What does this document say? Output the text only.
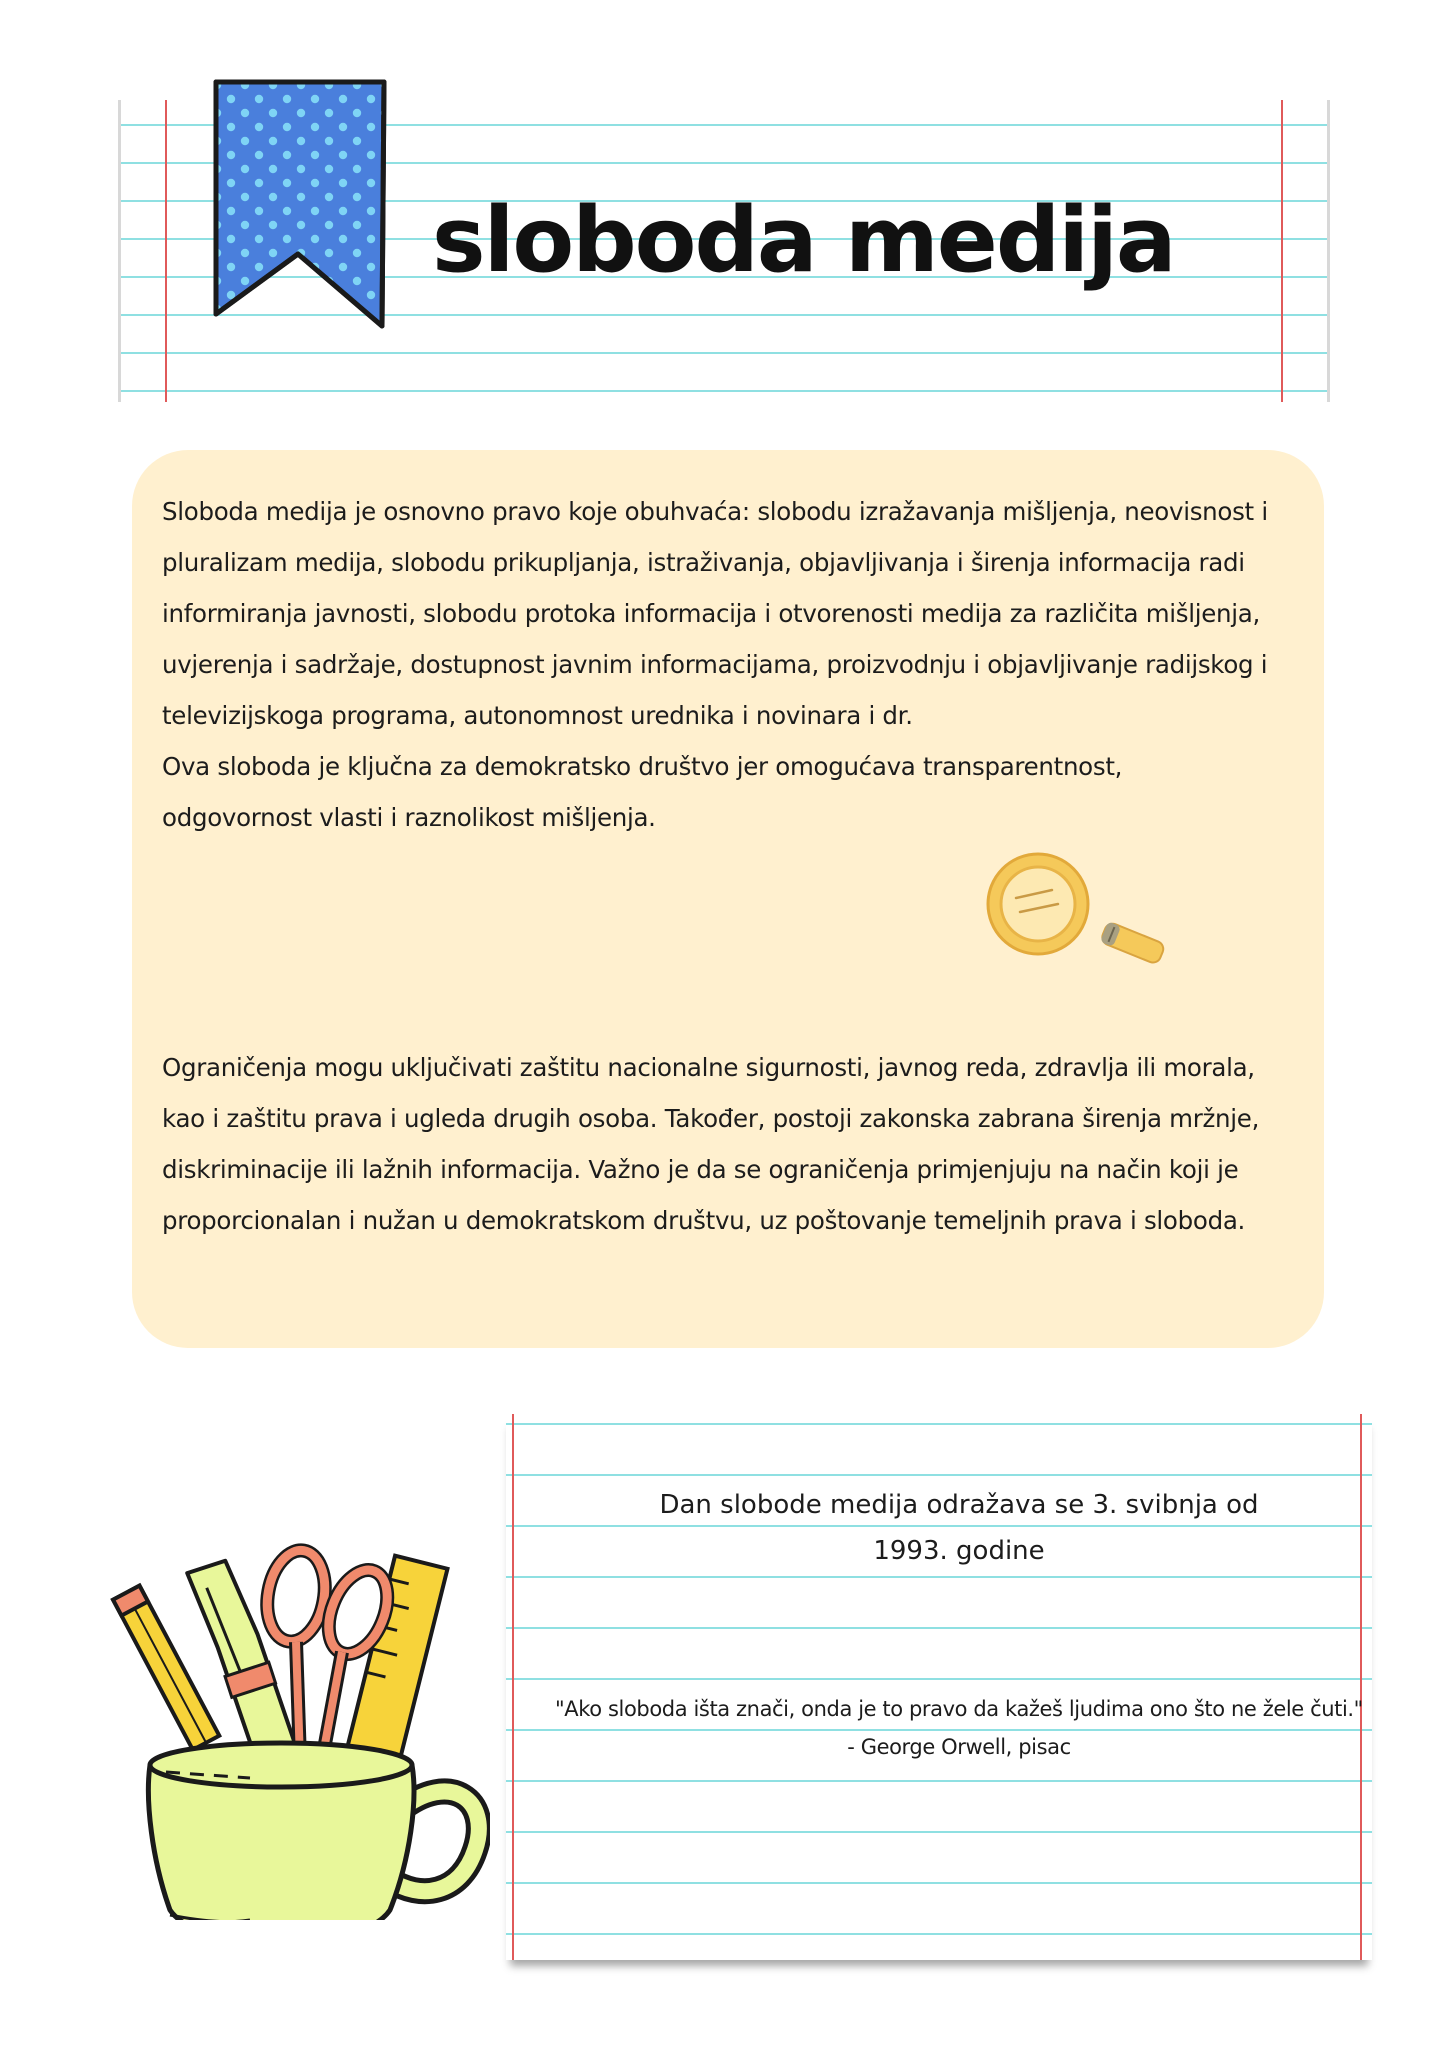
sloboda medija

Sloboda medija je osnovno pravo koje obuhvaća: slobodu izražavanja mišljenja, neovisnost i pluralizam medija, slobodu prikupljanja, istraživanja, objavljivanja i širenja informacija radi informiranja javnosti, slobodu protoka informacija i otvorenosti medija za različita mišljenja, uvjerenja i sadržaje, dostupnost javnim informacijama, proizvodnju i objavljivanje radijskog i televizijskoga programa, autonomnost urednika i novinara i dr.

Ova sloboda je ključna za demokratsko društvo jer omogućava transparentnost, odgovornost vlasti i raznolikost mišljenja.

Ograničenja mogu uključivati zaštitu nacionalne sigurnosti, javnog reda, zdravlja ili morala, kao i zaštitu prava i ugleda drugih osoba. Također, postoji zakonska zabrana širenja mržnje, diskriminacije ili lažnih informacija. Važno je da se ograničenja primjenjuju na način koji je proporcionalan i nužan u demokratskom društvu, uz poštovanje temeljnih prava i sloboda.

Dan slobode medija odražava se 3. svibnja od
1993. godine
"Ako sloboda išta znači, onda je to pravo da kažeš ljudima ono što ne žele čuti."
- George Orwell, pisac
